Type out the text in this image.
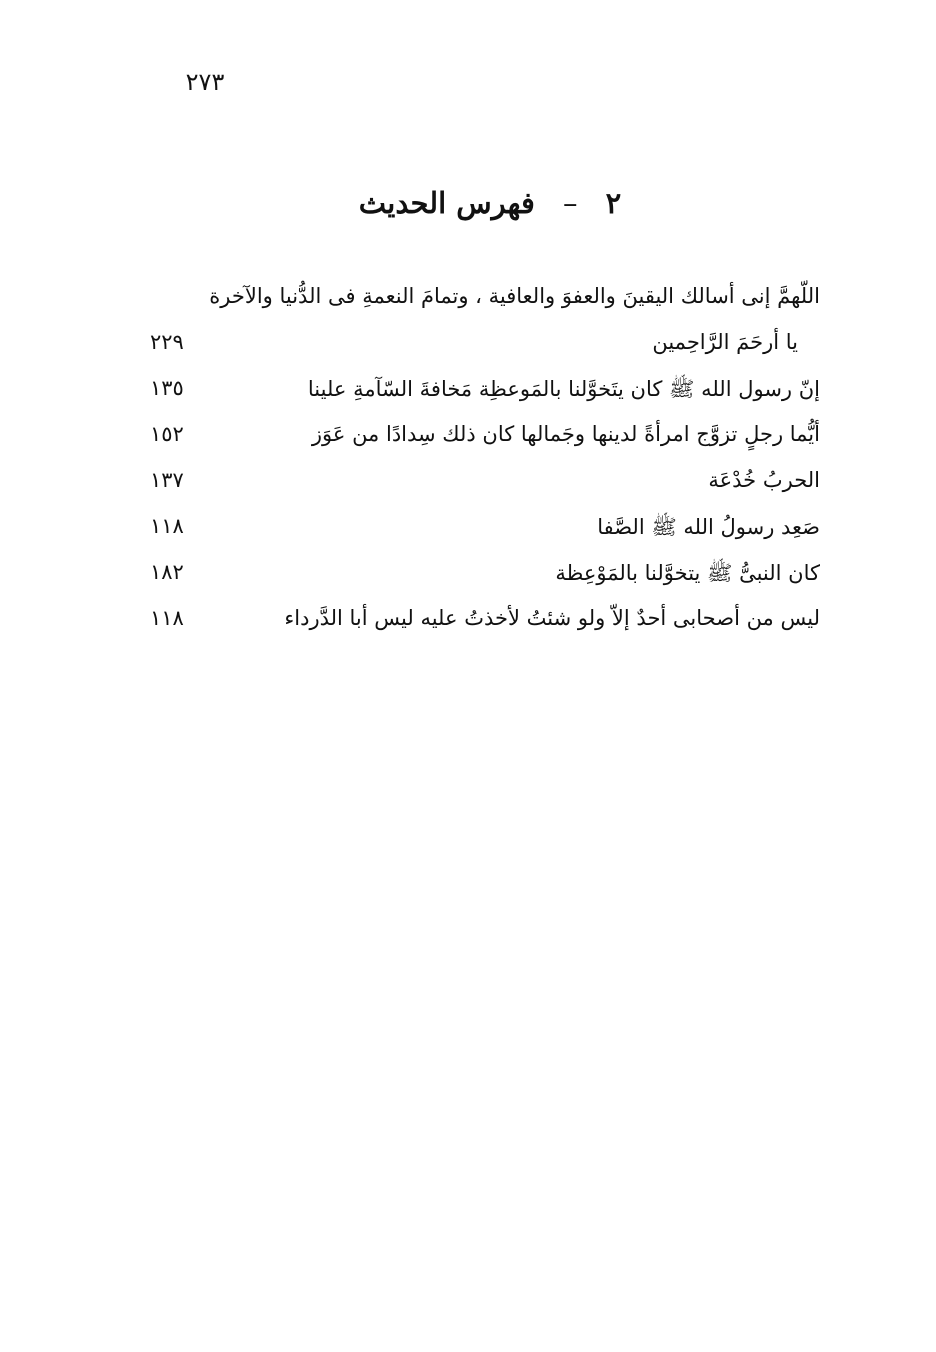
٢٧٣
٢ – فهرس الحديث
اللّهمَّ إنى أسالك اليقينَ والعفوَ والعافية ، وتمامَ النعمةِ فى الدُّنيا والآخرة
يا أرحَمَ الرَّاحِمين
٢٢٩
إنّ رسول الله ﷺ كان يتَخوَّلنا بالمَوعظِة مَخافةَ السّآمةِ علينا
١٣٥
أيُّما رجلٍ تزوَّج امرأةً لدينها وجَمالها كان ذلك سِدادًا من عَوَز
١٥٢
الحربُ خُدْعَة
١٣٧
صَعِد رسولُ الله ﷺ الصَّفا
١١٨
كان النبىُّ ﷺ يتخوَّلنا بالمَوْعِظة
١٨٢
ليس من أصحابى أحدٌ إلاّ ولو شئتُ لأخذتُ عليه ليس أبا الدَّرداء
١١٨
